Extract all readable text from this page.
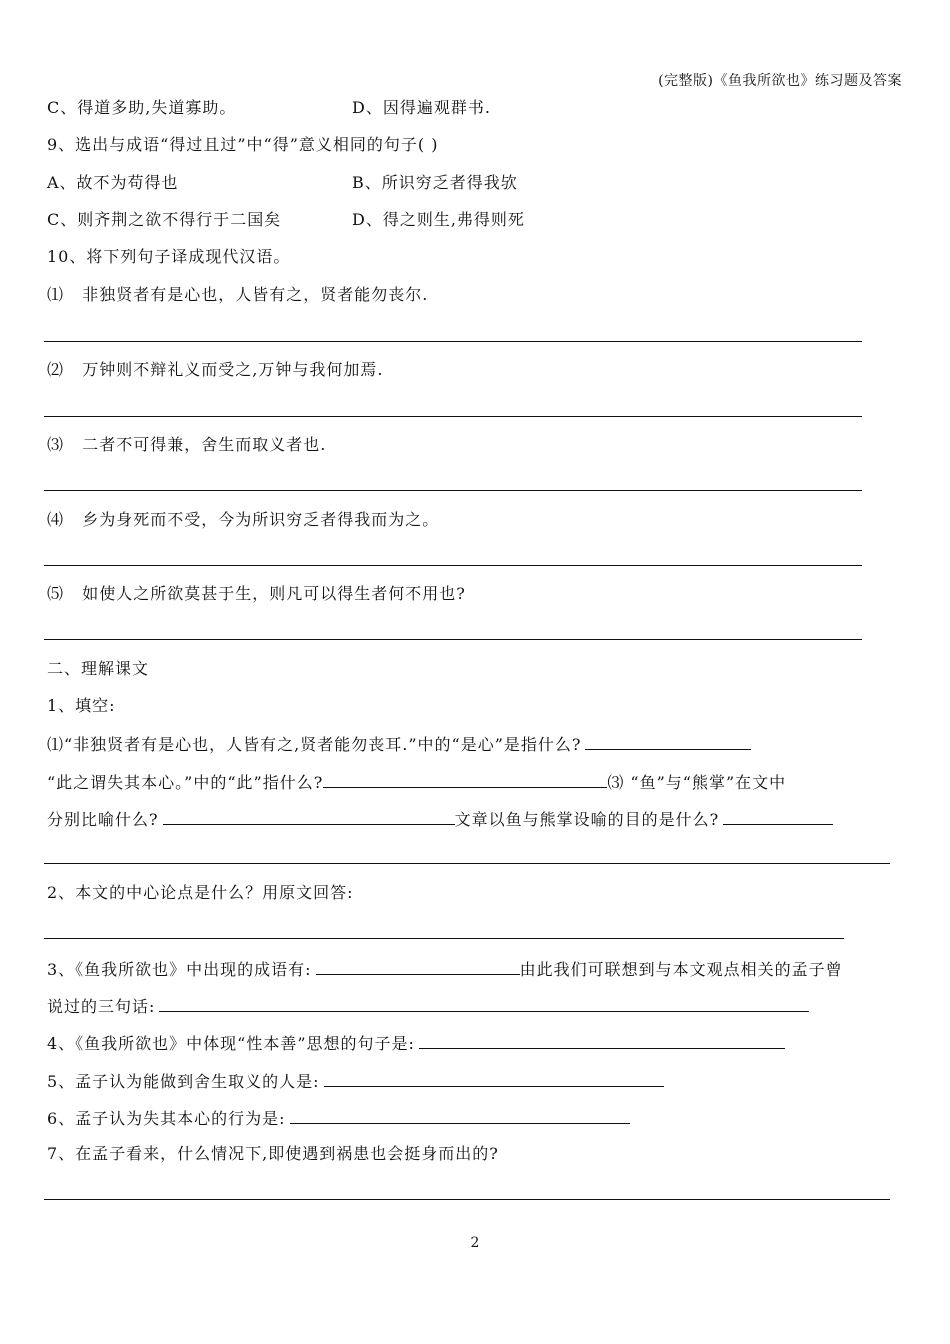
(完整版)《鱼我所欲也》练习题及答案
C、得道多助,失道寡助。	D、因得遍观群书.
9、选出与成语“得过且过”中“得”意义相同的句子( )
A、故不为苟得也	B、所识穷乏者得我欤
C、则齐荆之欲不得行于二国矣	D、得之则生,弗得则死
10、将下列句子译成现代汉语。
⑴ 非独贤者有是心也，人皆有之，贤者能勿丧尔.
⑵ 万钟则不辩礼义而受之,万钟与我何加焉.
⑶ 二者不可得兼，舍生而取义者也.
⑷ 乡为身死而不受，今为所识穷乏者得我而为之。
⑸ 如使人之所欲莫甚于生，则凡可以得生者何不用也?
二、理解课文
1、填空:
⑴“非独贤者有是心也，人皆有之,贤者能勿丧耳.”中的“是心”是指什么?
“此之谓失其本心。”中的“此”指什么?	⑶ “鱼”与“熊掌”在文中
分别比喻什么?	文章以鱼与熊掌设喻的目的是什么?
2、本文的中心论点是什么？用原文回答:
3、《鱼我所欲也》中出现的成语有:	由此我们可联想到与本文观点相关的孟子曾
说过的三句话:
4、《鱼我所欲也》中体现“性本善”思想的句子是:
5、孟子认为能做到舍生取义的人是:
6、孟子认为失其本心的行为是:
7、在孟子看来，什么情况下,即使遇到祸患也会挺身而出的?
2
